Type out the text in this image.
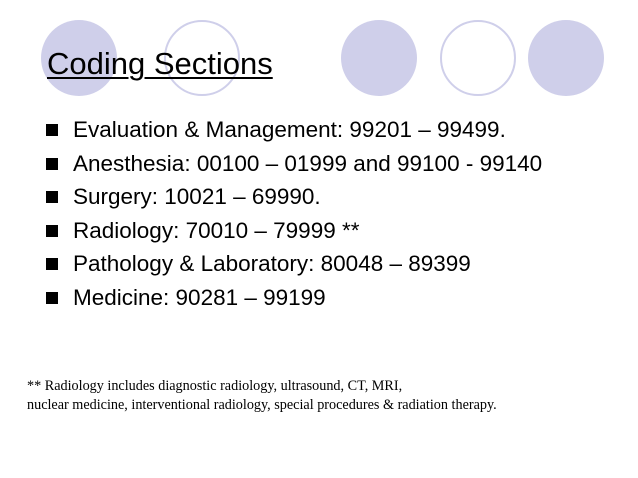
Coding Sections
Evaluation & Management: 99201 – 99499.
Anesthesia: 00100 – 01999 and 99100 - 99140
Surgery: 10021 – 69990.
Radiology: 70010 – 79999 **
Pathology & Laboratory: 80048 – 89399
Medicine: 90281 – 99199
** Radiology includes diagnostic radiology, ultrasound, CT, MRI,
nuclear medicine, interventional radiology, special procedures & radiation therapy.
